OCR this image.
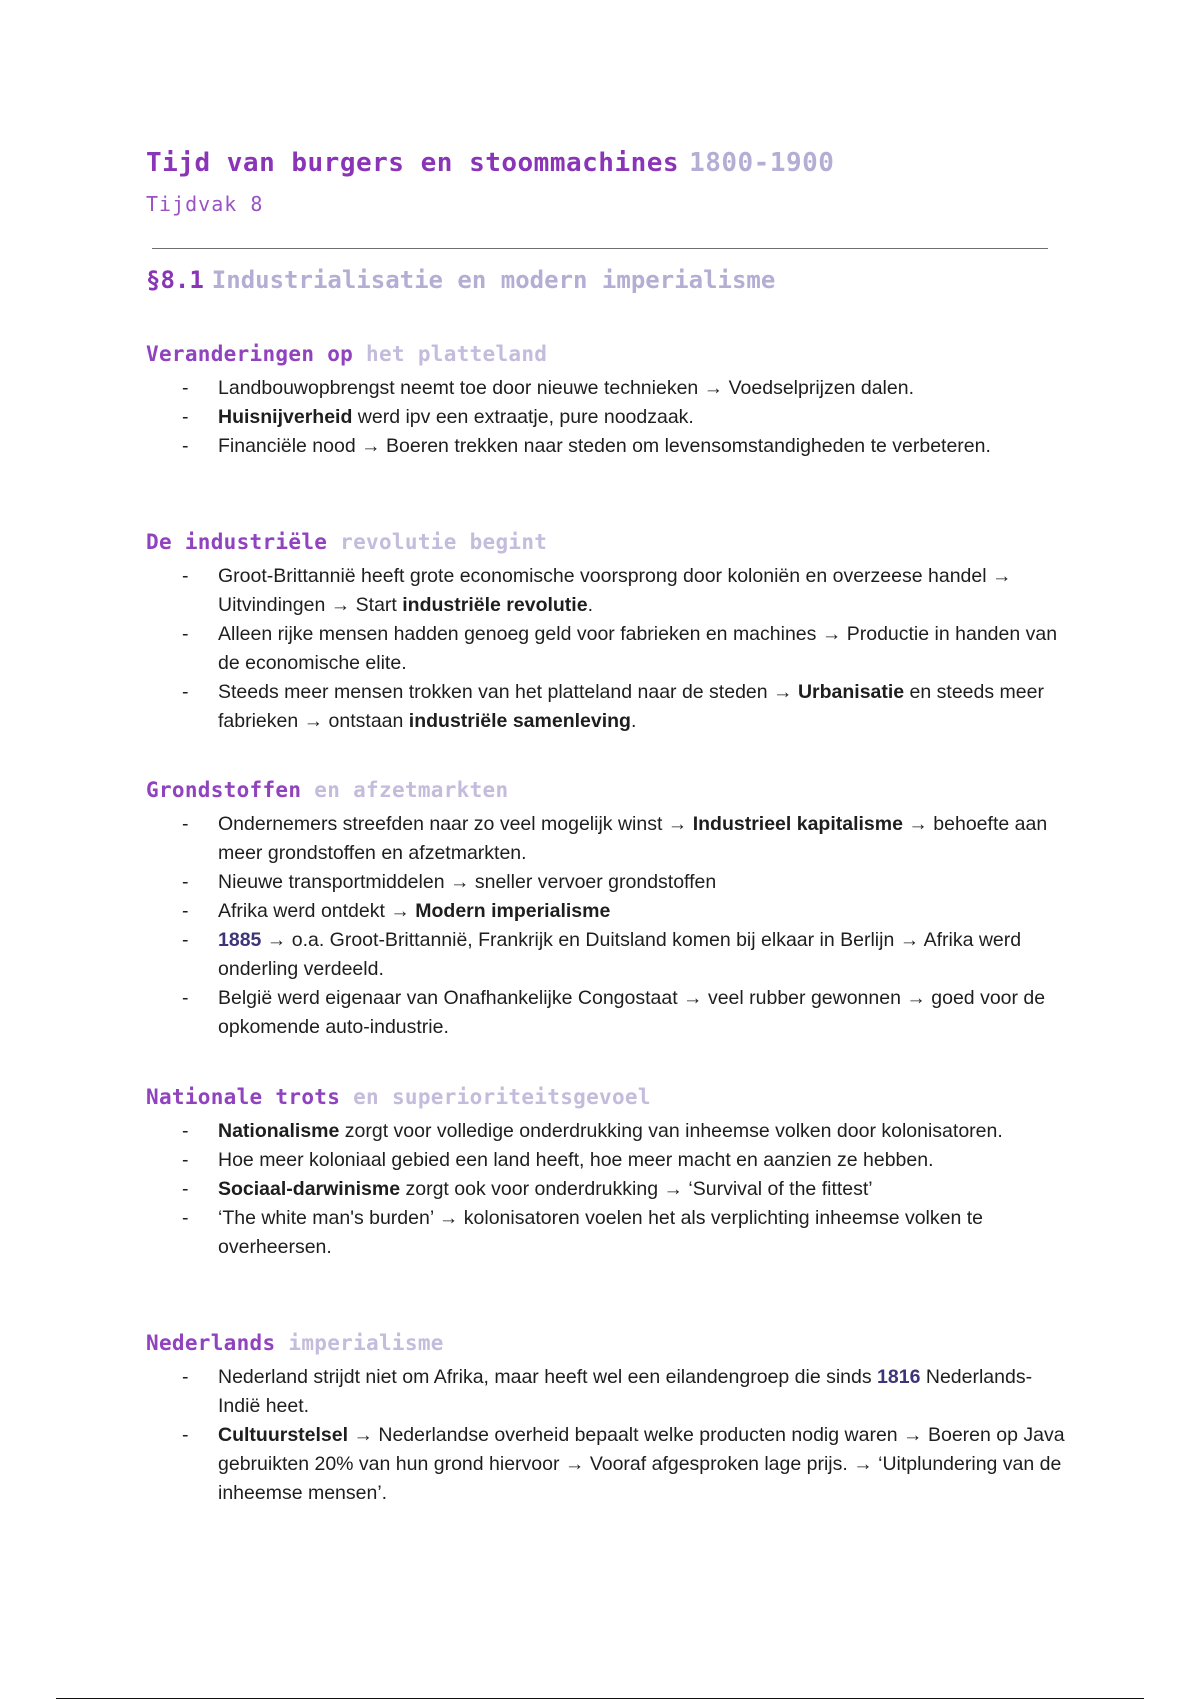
Tijd van burgers en stoommachines 1800-1900
Tijdvak 8
§8.1 Industrialisatie en modern imperialisme
Veranderingen op het platteland
- Landbouwopbrengst neemt toe door nieuwe technieken → Voedselprijzen dalen.
- Huisnijverheid werd ipv een extraatje, pure noodzaak.
- Financiële nood → Boeren trekken naar steden om levensomstandigheden te verbeteren.
De industriële revolutie begint
- Groot-Brittannië heeft grote economische voorsprong door koloniën en overzeese handel → Uitvindingen → Start industriële revolutie.
- Alleen rijke mensen hadden genoeg geld voor fabrieken en machines → Productie in handen van de economische elite.
- Steeds meer mensen trokken van het platteland naar de steden → Urbanisatie en steeds meer fabrieken → ontstaan industriële samenleving.
Grondstoffen en afzetmarkten
- Ondernemers streefden naar zo veel mogelijk winst → Industrieel kapitalisme → behoefte aan meer grondstoffen en afzetmarkten.
- Nieuwe transportmiddelen → sneller vervoer grondstoffen
- Afrika werd ontdekt → Modern imperialisme
- 1885 → o.a. Groot-Brittannië, Frankrijk en Duitsland komen bij elkaar in Berlijn → Afrika werd onderling verdeeld.
- België werd eigenaar van Onafhankelijke Congostaat → veel rubber gewonnen → goed voor de opkomende auto-industrie.
Nationale trots en superioriteitsgevoel
- Nationalisme zorgt voor volledige onderdrukking van inheemse volken door kolonisatoren.
- Hoe meer koloniaal gebied een land heeft, hoe meer macht en aanzien ze hebben.
- Sociaal-darwinisme zorgt ook voor onderdrukking → ‘Survival of the fittest’
- ‘The white man's burden’ → kolonisatoren voelen het als verplichting inheemse volken te overheersen.
Nederlands imperialisme
- Nederland strijdt niet om Afrika, maar heeft wel een eilandengroep die sinds 1816 Nederlands-Indië heet.
- Cultuurstelsel → Nederlandse overheid bepaalt welke producten nodig waren → Boeren op Java gebruikten 20% van hun grond hiervoor → Vooraf afgesproken lage prijs. → ‘Uitplundering van de inheemse mensen’.
